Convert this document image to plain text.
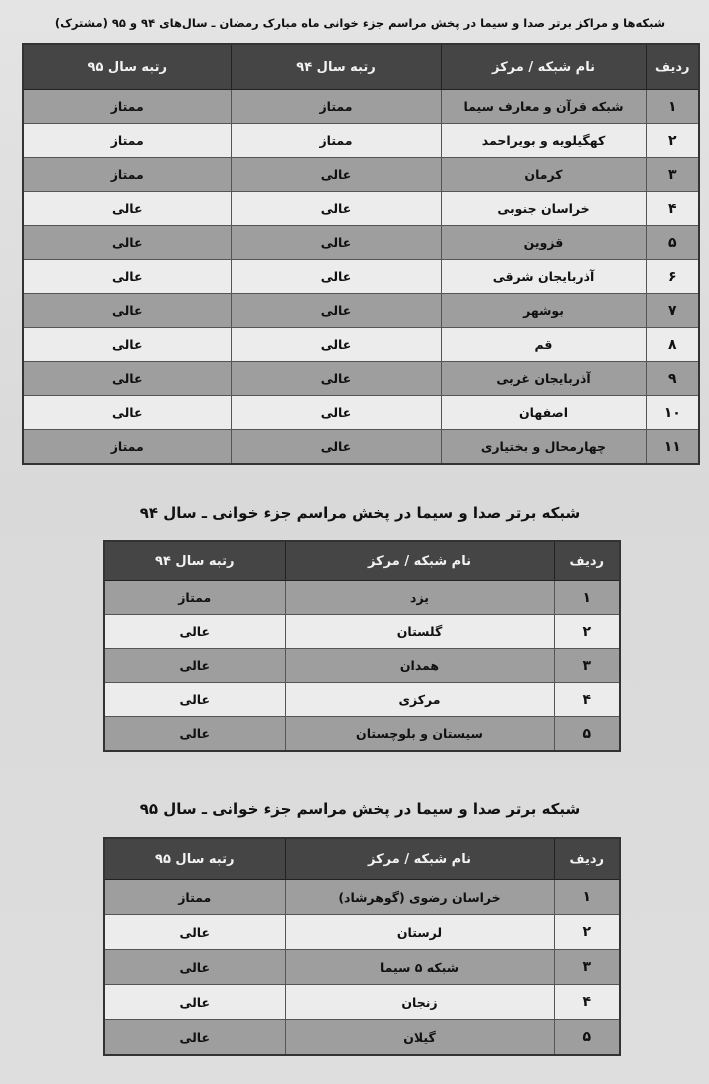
شبکه‌ها و مراکز برتر صدا و سیما در پخش مراسم جزء خوانی ماه مبارک رمضان ـ سال‌های ۹۴ و ۹۵ (مشترک)
ردیف	نام شبکه / مرکز	رتبه سال ۹۴	رتبه سال ۹۵
۱	شبکه قرآن و معارف سیما	ممتاز	ممتاز
۲	کهگیلویه و بویراحمد	ممتاز	ممتاز
۳	کرمان	عالی	ممتاز
۴	خراسان جنوبی	عالی	عالی
۵	قزوین	عالی	عالی
۶	آذربایجان شرقی	عالی	عالی
۷	بوشهر	عالی	عالی
۸	قم	عالی	عالی
۹	آذربایجان غربی	عالی	عالی
۱۰	اصفهان	عالی	عالی
۱۱	چهارمحال و بختیاری	عالی	ممتاز
شبکه برتر صدا و سیما در پخش مراسم جزء خوانی ـ سال ۹۴
ردیف	نام شبکه / مرکز	رتبه سال ۹۴
۱	یزد	ممتاز
۲	گلستان	عالی
۳	همدان	عالی
۴	مرکزی	عالی
۵	سیستان و بلوچستان	عالی
شبکه برتر صدا و سیما در پخش مراسم جزء خوانی ـ سال ۹۵
ردیف	نام شبکه / مرکز	رتبه سال ۹۵
۱	خراسان رضوی (گوهرشاد)	ممتاز
۲	لرستان	عالی
۳	شبکه ۵ سیما	عالی
۴	زنجان	عالی
۵	گیلان	عالی
